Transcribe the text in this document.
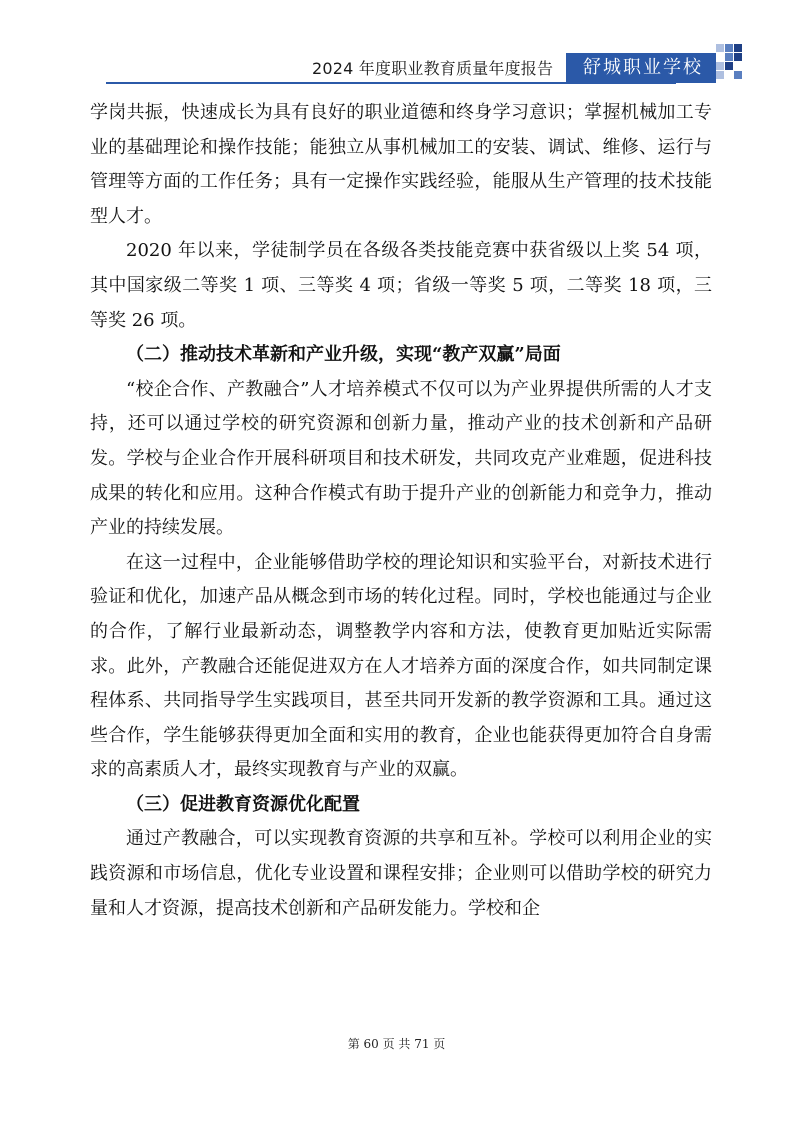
2024 年度职业教育质量年度报告	舒城职业学校

学岗共振，快速成长为具有良好的职业道德和终身学习意识；掌握机械加工专业的基础理论和操作技能；能独立从事机械加工的安装、调试、维修、运行与管理等方面的工作任务；具有一定操作实践经验，能服从生产管理的技术技能型人才。

2020 年以来，学徒制学员在各级各类技能竞赛中获省级以上奖 54 项，其中国家级二等奖 1 项、三等奖 4 项；省级一等奖 5 项，二等奖 18 项，三等奖 26 项。

（二）推动技术革新和产业升级，实现“教产双赢”局面

“校企合作、产教融合”人才培养模式不仅可以为产业界提供所需的人才支持，还可以通过学校的研究资源和创新力量，推动产业的技术创新和产品研发。学校与企业合作开展科研项目和技术研发，共同攻克产业难题，促进科技成果的转化和应用。这种合作模式有助于提升产业的创新能力和竞争力，推动产业的持续发展。

在这一过程中，企业能够借助学校的理论知识和实验平台，对新技术进行验证和优化，加速产品从概念到市场的转化过程。同时，学校也能通过与企业的合作，了解行业最新动态，调整教学内容和方法，使教育更加贴近实际需求。此外，产教融合还能促进双方在人才培养方面的深度合作，如共同制定课程体系、共同指导学生实践项目，甚至共同开发新的教学资源和工具。通过这些合作，学生能够获得更加全面和实用的教育，企业也能获得更加符合自身需求的高素质人才，最终实现教育与产业的双赢。

（三）促进教育资源优化配置

通过产教融合，可以实现教育资源的共享和互补。学校可以利用企业的实践资源和市场信息，优化专业设置和课程安排；企业则可以借助学校的研究力量和人才资源，提高技术创新和产品研发能力。学校和企

第 60 页 共 71 页
